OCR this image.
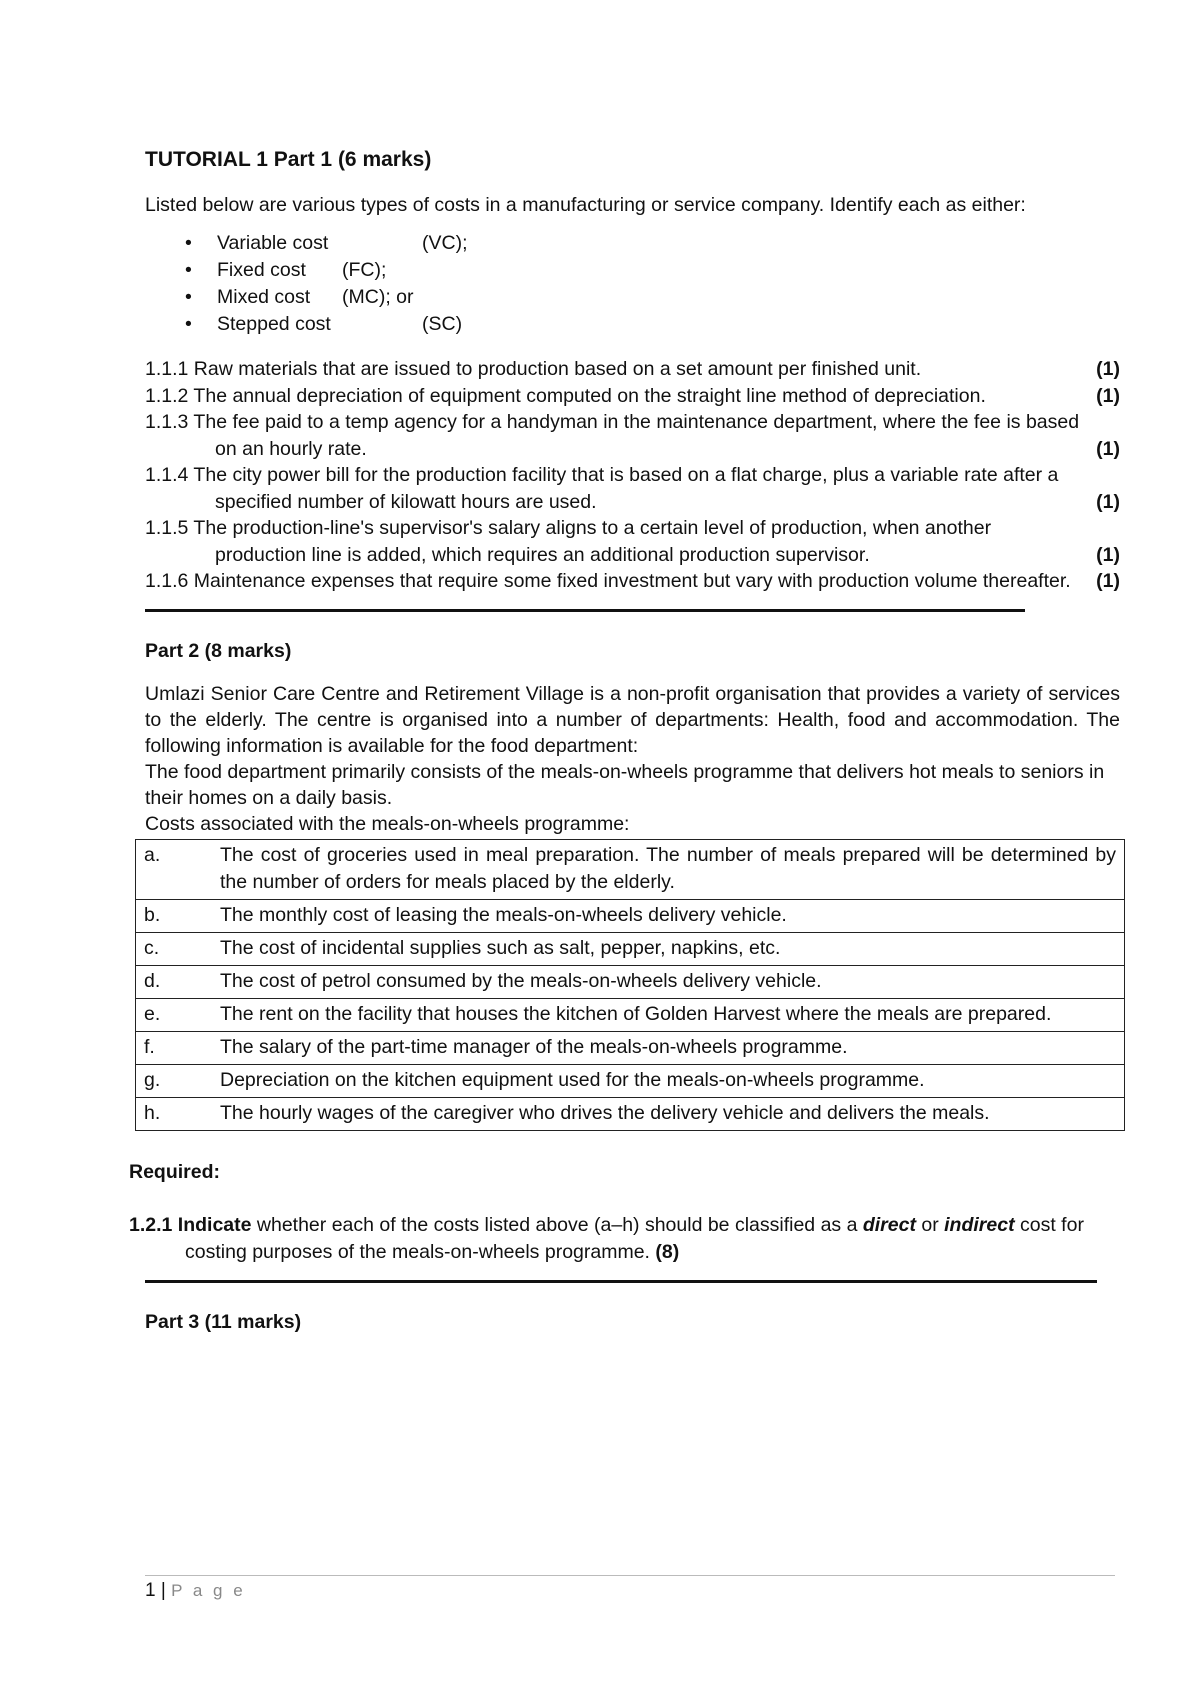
TUTORIAL 1 Part 1 (6 marks)

Listed below are various types of costs in a manufacturing or service company. Identify each as either:

•	Variable cost	(VC);
•	Fixed cost	(FC);
•	Mixed cost	(MC); or
•	Stepped cost	(SC)
1.1.1 Raw materials that are issued to production based on a set amount per finished unit.	(1)
1.1.2 The annual depreciation of equipment computed on the straight line method of depreciation.	(1)
1.1.3 The fee paid to a temp agency for a handyman in the maintenance department, where the fee is based on an hourly rate.	(1)
1.1.4 The city power bill for the production facility that is based on a flat charge, plus a variable rate after a specified number of kilowatt hours are used.	(1)
1.1.5 The production-line's supervisor's salary aligns to a certain level of production, when another production line is added, which requires an additional production supervisor.	(1)
1.1.6 Maintenance expenses that require some fixed investment but vary with production volume thereafter.	(1)
Part 2 (8 marks)

Umlazi Senior Care Centre and Retirement Village is a non-profit organisation that provides a variety of services to the elderly. The centre is organised into a number of departments: Health, food and accommodation. The following information is available for the food department:

The food department primarily consists of the meals-on-wheels programme that delivers hot meals to seniors in their homes on a daily basis.

Costs associated with the meals-on-wheels programme:

a.	The cost of groceries used in meal preparation. The number of meals prepared will be determined by the number of orders for meals placed by the elderly.
b.	The monthly cost of leasing the meals-on-wheels delivery vehicle.
c.	The cost of incidental supplies such as salt, pepper, napkins, etc.
d.	The cost of petrol consumed by the meals-on-wheels delivery vehicle.
e.	The rent on the facility that houses the kitchen of Golden Harvest where the meals are prepared.
f.	The salary of the part-time manager of the meals-on-wheels programme.
g.	Depreciation on the kitchen equipment used for the meals-on-wheels programme.
h.	The hourly wages of the caregiver who drives the delivery vehicle and delivers the meals.
Required:
1.2.1 Indicate whether each of the costs listed above (a–h) should be classified as a direct or indirect cost for costing purposes of the meals-on-wheels programme. (8)
Part 3 (11 marks)
1 | P a g e
